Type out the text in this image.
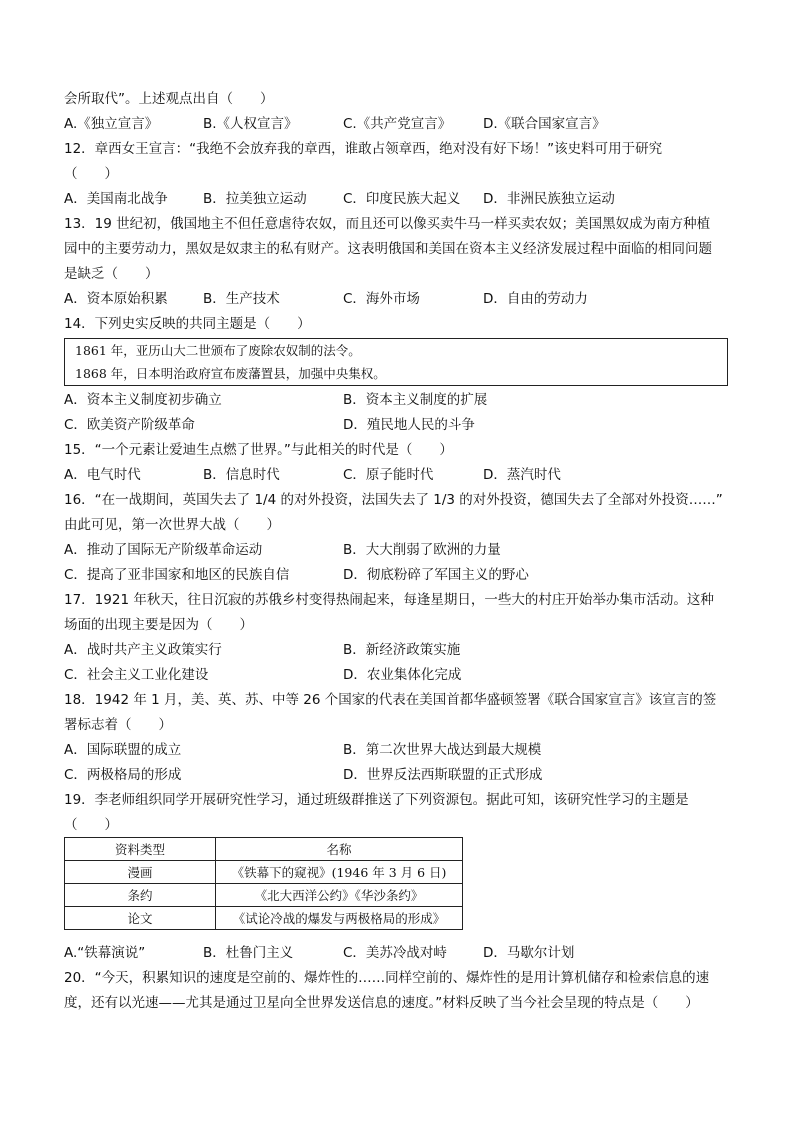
会所取代”。上述观点出自（　　）
A.《独立宣言》	B.《人权宣言》	C.《共产党宣言》 D.《联合国家宣言》
12．章西女王宣言：“我绝不会放弃我的章西，谁敢占领章西，绝对没有好下场！”该史料可用于研究
（　　）
A．美国南北战争	B．拉美独立运动	C．印度民族大起义 D．非洲民族独立运动
13．19 世纪初，俄国地主不但任意虐待农奴，而且还可以像买卖牛马一样买卖农奴；美国黑奴成为南方种植
园中的主要劳动力，黑奴是奴隶主的私有财产。这表明俄国和美国在资本主义经济发展过程中面临的相同问题
是缺乏（　　）
A．资本原始积累	B．生产技术	C．海外市场	D．自由的劳动力
14．下列史实反映的共同主题是（　　）
1861 年，亚历山大二世颁布了废除农奴制的法令。
1868 年，日本明治政府宣布废藩置县，加强中央集权。
A．资本主义制度初步确立	B．资本主义制度的扩展
C．欧美资产阶级革命	D．殖民地人民的斗争
15．“一个元素让爱迪生点燃了世界。”与此相关的时代是（　　）
A．电气时代	B．信息时代	C．原子能时代	D．蒸汽时代
16．“在一战期间，英国失去了 1/4 的对外投资，法国失去了 1/3 的对外投资，德国失去了全部对外投资……”
由此可见，第一次世界大战（　　）
A．推动了国际无产阶级革命运动	B．大大削弱了欧洲的力量
C．提高了亚非国家和地区的民族自信	D．彻底粉碎了军国主义的野心
17．1921 年秋天，往日沉寂的苏俄乡村变得热闹起来，每逢星期日，一些大的村庄开始举办集市活动。这种
场面的出现主要是因为（　　）
A．战时共产主义政策实行	B．新经济政策实施
C．社会主义工业化建设	D．农业集体化完成
18．1942 年 1 月，美、英、苏、中等 26 个国家的代表在美国首都华盛顿签署《联合国家宣言》该宣言的签
署标志着（　　）
A．国际联盟的成立	B．第二次世界大战达到最大规模
C．两极格局的形成	D．世界反法西斯联盟的正式形成
19．李老师组织同学开展研究性学习，通过班级群推送了下列资源包。据此可知，该研究性学习的主题是
（　　）
资料类型	名称
漫画	《铁幕下的窥视》(1946 年 3 月 6 日)
条约	《北大西洋公约》《华沙条约》
论文	《试论冷战的爆发与两极格局的形成》
A.“铁幕演说”	B．杜鲁门主义	C．美苏冷战对峙	D．马歇尔计划
20．“今天，积累知识的速度是空前的、爆炸性的……同样空前的、爆炸性的是用计算机储存和检索信息的速
度，还有以光速——尤其是通过卫星向全世界发送信息的速度。”材料反映了当今社会呈现的特点是（　　）
